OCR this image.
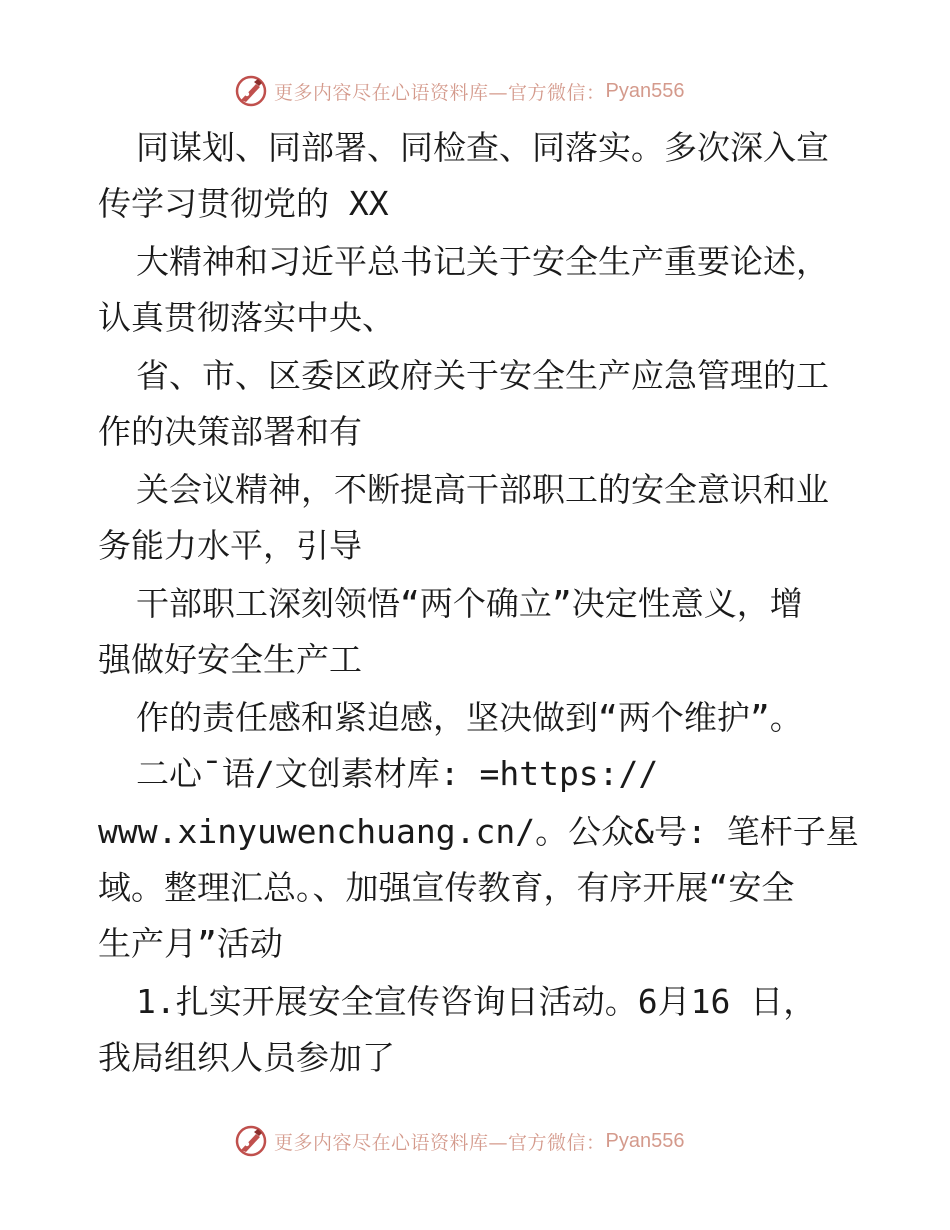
更多内容尽在心语资料库—官方微信： Pyan556
同谋划、同部署、同检查、同落实。多次深入宣
传学习贯彻党的 XX
大精神和习近平总书记关于安全生产重要论述，
认真贯彻落实中央、
省、市、区委区政府关于安全生产应急管理的工
作的决策部署和有
关会议精神，不断提高干部职工的安全意识和业
务能力水平，引导
干部职工深刻领悟“两个确立”决定性意义，增
强做好安全生产工
作的责任感和紧迫感，坚决做到“两个维护”。
二心¯语/文创素材库: =https://
www.xinyuwenchuang.cn/。公众&号: 笔杆子星
域。整理汇总。、加强宣传教育，有序开展“安全
生产月”活动
1.扎实开展安全宣传咨询日活动。6月16 日，
我局组织人员参加了
更多内容尽在心语资料库—官方微信： Pyan556
